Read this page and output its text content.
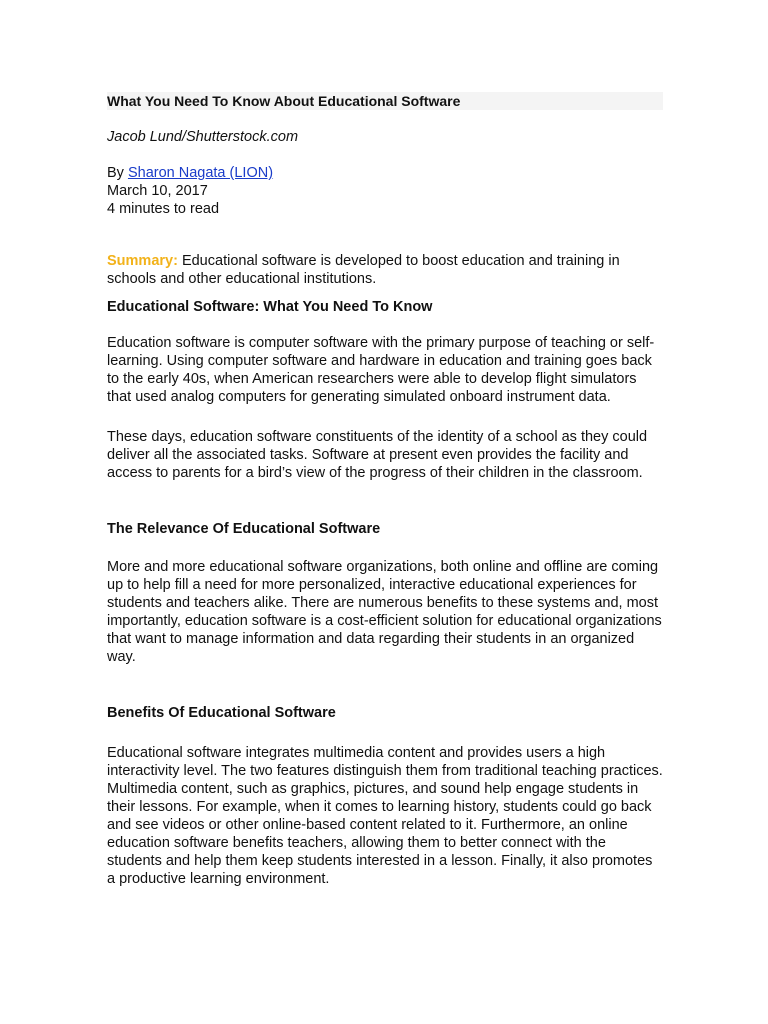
What You Need To Know About Educational Software
Jacob Lund/Shutterstock.com
By Sharon Nagata (LION)
March 10, 2017
4 minutes to read
Summary: Educational software is developed to boost education and training in schools and other educational institutions.
Educational Software: What You Need To Know

Education software is computer software with the primary purpose of teaching or self-learning. Using computer software and hardware in education and training goes back to the early 40s, when American researchers were able to develop flight simulators that used analog computers for generating simulated onboard instrument data.

These days, education software constituents of the identity of a school as they could deliver all the associated tasks. Software at present even provides the facility and access to parents for a bird’s view of the progress of their children in the classroom.

The Relevance Of Educational Software

More and more educational software organizations, both online and offline are coming up to help fill a need for more personalized, interactive educational experiences for students and teachers alike. There are numerous benefits to these systems and, most importantly, education software is a cost-efficient solution for educational organizations that want to manage information and data regarding their students in an organized way.

Benefits Of Educational Software

Educational software integrates multimedia content and provides users a high interactivity level. The two features distinguish them from traditional teaching practices. Multimedia content, such as graphics, pictures, and sound help engage students in their lessons. For example, when it comes to learning history, students could go back and see videos or other online-based content related to it. Furthermore, an online education software benefits teachers, allowing them to better connect with the students and help them keep students interested in a lesson. Finally, it also promotes a productive learning environment.
